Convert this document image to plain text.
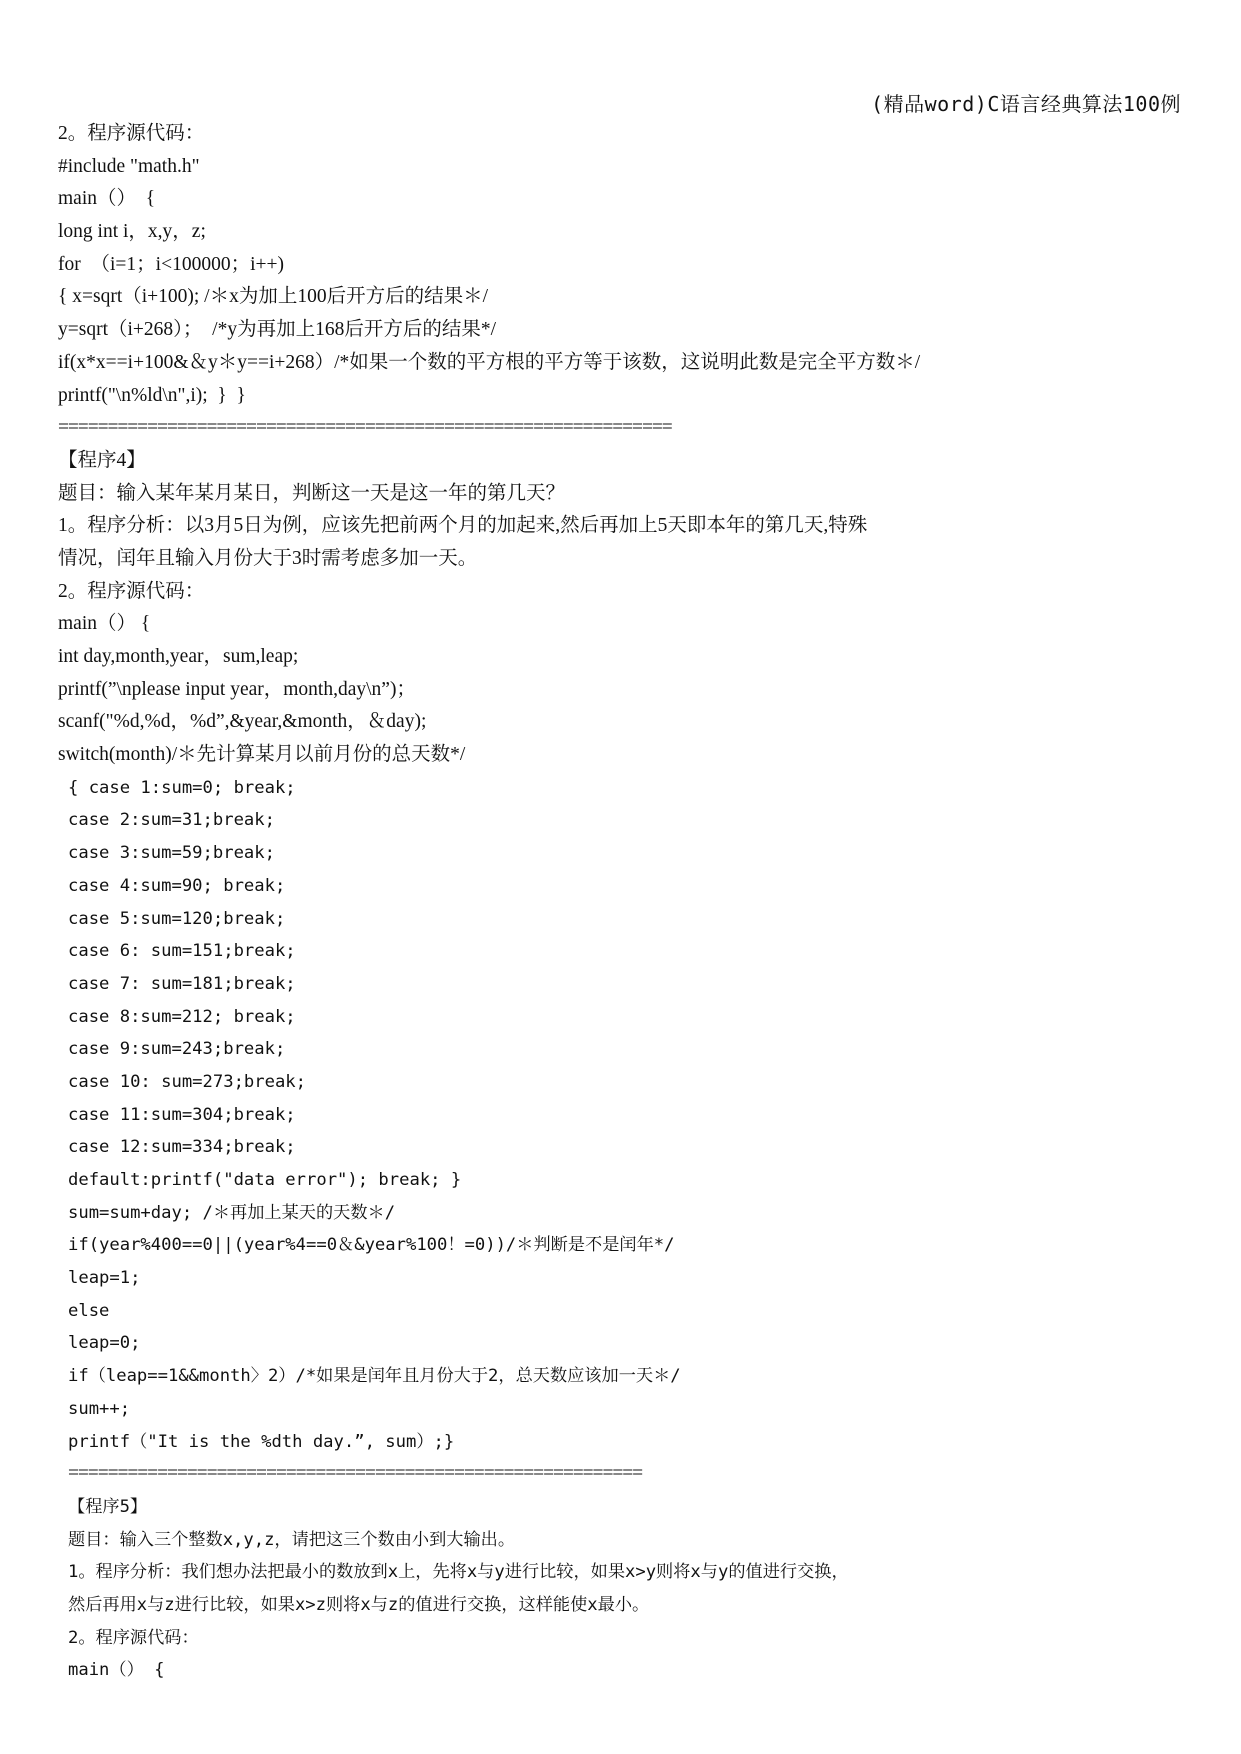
(精品word)C语言经典算法100例
2。程序源代码：
#include "math.h"
main（）  {
long int i，x,y，z;
for  （i=1；i<100000；i++)
{ x=sqrt（i+100); /＊x为加上100后开方后的结果＊/
y=sqrt（i+268）；  /*y为再加上168后开方后的结果*/
if(x*x==i+100&＆y＊y==i+268）/*如果一个数的平方根的平方等于该数，这说明此数是完全平方数＊/
printf("\n%ld\n",i);  }  }
==============================================================
【程序4】
题目：输入某年某月某日，判断这一天是这一年的第几天？
1。程序分析：以3月5日为例，应该先把前两个月的加起来,然后再加上5天即本年的第几天,特殊
情况，闰年且输入月份大于3时需考虑多加一天。
2。程序源代码：
main（） {
int day,month,year，sum,leap;
printf(”\nplease input year，month,day\n”)；
scanf("%d,%d，%d”,&year,&month，＆day);
switch(month)/＊先计算某月以前月份的总天数*/
{ case 1:sum=0; break;
case 2:sum=31;break;
case 3:sum=59;break;
case 4:sum=90; break;
case 5:sum=120;break;
case 6: sum=151;break;
case 7: sum=181;break;
case 8:sum=212; break;
case 9:sum=243;break;
case 10: sum=273;break;
case 11:sum=304;break;
case 12:sum=334;break;
default:printf("data error"); break; }
sum=sum+day; /＊再加上某天的天数＊/
if(year%400==0||(year%4==0＆&year%100！=0))/＊判断是不是闰年*/
leap=1;
else
leap=0;
if（leap==1&&month〉2）/*如果是闰年且月份大于2，总天数应该加一天＊/
sum++;
printf（"It is the %dth day.”, sum）;}
==========================================================
【程序5】
题目：输入三个整数x,y,z，请把这三个数由小到大输出。
1。程序分析：我们想办法把最小的数放到x上，先将x与y进行比较，如果x>y则将x与y的值进行交换，
然后再用x与z进行比较，如果x>z则将x与z的值进行交换，这样能使x最小。
2。程序源代码：
main（） {
